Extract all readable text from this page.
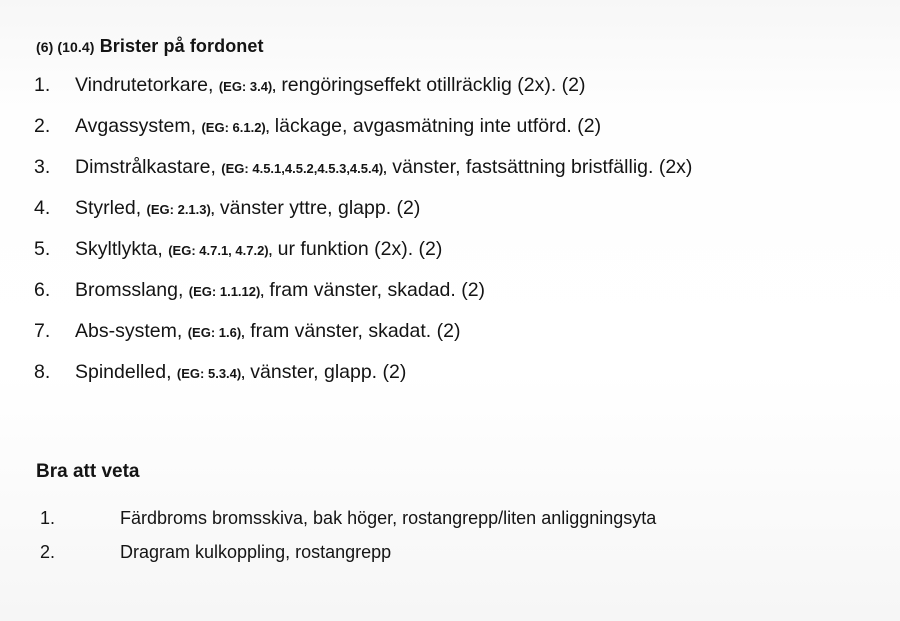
(6) (10.4) Brister på fordonet
1.	Vindrutetorkare, (EG: 3.4), rengöringseffekt otillräcklig (2x). (2)
2.	Avgassystem, (EG: 6.1.2), läckage, avgasmätning inte utförd. (2)
3.	Dimstrålkastare, (EG: 4.5.1,4.5.2,4.5.3,4.5.4), vänster, fastsättning bristfällig. (2x)
4.	Styrled, (EG: 2.1.3), vänster yttre, glapp. (2)
5.	Skyltlykta, (EG: 4.7.1, 4.7.2), ur funktion (2x). (2)
6.	Bromsslang, (EG: 1.1.12), fram vänster, skadad. (2)
7.	Abs-system, (EG: 1.6), fram vänster, skadat. (2)
8.	Spindelled, (EG: 5.3.4), vänster, glapp. (2)
Bra att veta
1.	Färdbroms bromsskiva, bak höger, rostangrepp/liten anliggningsyta
2.	Dragram kulkoppling, rostangrepp
